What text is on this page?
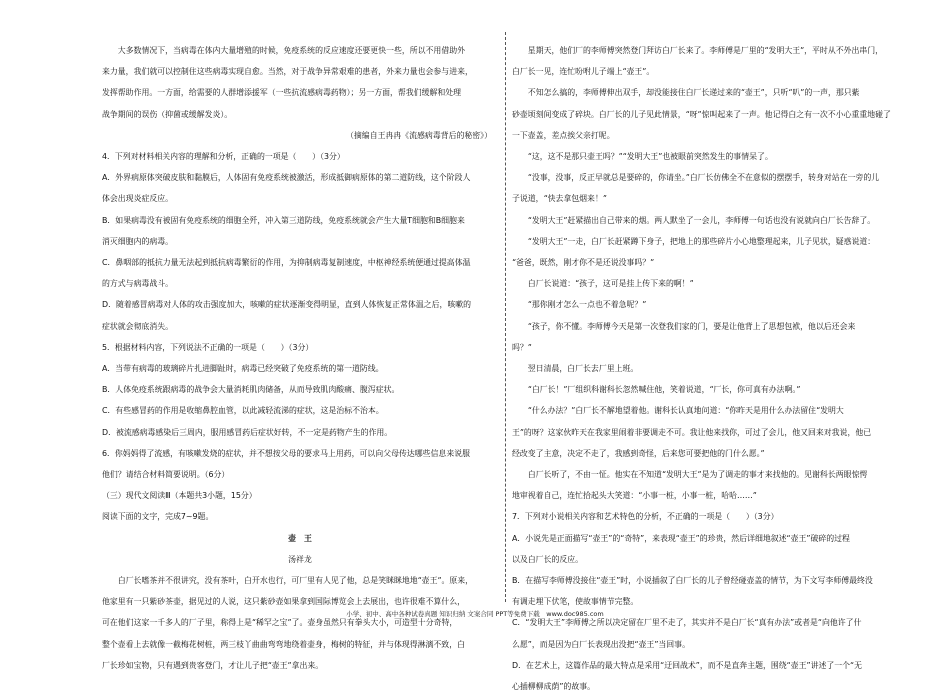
大多数情况下，当病毒在体内大量增殖的时候，免疫系统的反应速度还要更快一些，所以不用借助外

来力量，我们就可以控制住这些病毒实现自愈。当然，对于战争异常艰难的患者，外来力量也会参与进来，

发挥帮助作用。一方面，给需要的人群增添援军（一些抗流感病毒药物）；另一方面，帮我们缓解和处理

战争期间的误伤（抑菌或缓解发炎）。

（摘编自王冉冉《流感病毒背后的秘密》）

4．下列对材料相关内容的理解和分析，正确的一项是（　　）（3分）

A．外界病原体突破皮肤和黏膜后，人体固有免疫系统被激活，形成抵御病原体的第二道防线，这个阶段人

体会出现炎症反应。

B．如果病毒没有被固有免疫系统的细胞全歼，冲入第三道防线，免疫系统就会产生大量T细胞和B细胞来

消灭细胞内的病毒。

C．鼻咽部的抵抗力量无法起到抵抗病毒繁衍的作用，为抑制病毒复制速度，中枢神经系统便通过提高体温

的方式与病毒战斗。

D．随着感冒病毒对人体的攻击强度加大，咳嗽的症状逐渐变得明显，直到人体恢复正常体温之后，咳嗽的

症状就会彻底消失。

5．根据材料内容，下列说法不正确的一项是（　　）（3分）

A．当带有病毒的玻璃碎片扎进脚趾时，病毒已经突破了免疫系统的第一道防线。

B．人体免疫系统跟病毒的战争会大量消耗肌肉储备，从而导致肌肉酸痛、腹泻症状。

C．有些感冒药的作用是收缩鼻腔血管，以此减轻流涕的症状，这是治标不治本。

D．被流感病毒感染后三周内，服用感冒药后症状好转，不一定是药物产生的作用。

6．你妈妈得了流感，有咳嗽发烧的症状，并不想按父母的要求马上用药，可以向父母传达哪些信息来说服

他们？请结合材料简要说明。（6分）

（三）现代文阅读Ⅲ（本题共3小题，15分）

阅读下面的文字，完成7~9题。

壶　王

汤祥龙

白厂长嗜茶并不很讲究，没有茶叶，白开水也行，可厂里有人见了他，总是笑眯眯地地“壶王”。原来，

他家里有一只紫砂茶壶，据见过的人说，这只紫砂壶如果拿到国际博览会上去展出，也许很难不算什么，

可在他们这家一千多人的厂子里，称得上是“稀罕之宝”了。壶身虽然只有拳头大小，可造型十分奇特，

整个壶看上去就像一截梅花树桩，两三枝丫曲曲弯弯地绕着壶身，梅树的特征，并与体现得淋漓不致，白

厂长珍如宝物，只有遇到贵客登门，才让儿子把“壶王”拿出来。

星期天，他们厂的李师傅突然登门拜访白厂长来了。李师傅是厂里的“发明大王”，平时从不外出串门，

白厂长一见，连忙吩咐儿子端上“壶王”。

不知怎么搞的，李师傅伸出双手，却没能接住白厂长递过来的“壶王”，只听“叭”的一声，那只紫

砂壶顷刻间变成了碎块。白厂长的儿子见此情景，“呀”惊叫起来了一声。他记得白之有一次不小心重重地碰了

一下壶盖，差点挨父亲打呢。

“这，这不是那只壶王吗？”“发明大王”也被眼前突然发生的事情呆了。

“没事，没事，反正早就总是要碎的，你请坐。”白厂长仿佛全不在意似的摆摆手，转身对站在一旁的儿

子说道，“快去拿包烟来！”

“发明大王”赶紧描出自己带来的烟。两人默坐了一会儿，李师傅一句话也没有说就向白厂长告辞了。

“发明大王”一走，白厂长赶紧蹲下身子，把地上的那些碎片小心地整理起来，儿子见状，疑惑说道：

“爸爸，既然，刚才你不是还说没事吗？”

白厂长说道：“孩子，这可是挂上传下来的啊！”

“那你刚才怎么一点也不着急呢？”

“孩子，你不懂。李师傅今天是第一次登我们家的门，要是让他背上了思想包袱，他以后还会来

吗？”

翌日清晨，白厂长去厂里上班。

“白厂长！”厂组织科谢科长忽然喊住他，笑着说道，“厂长，你可真有办法啊。”

“什么办法？”白厂长不解地望着他。谢科长认真地问道：“你昨天是用什么办法留住“发明大

王”的呀？这家伙昨天在我家里闹着非要调走不可。我让他来找你，可过了会儿，他又回来对我说，他已

经改变了主意，决定不走了，我感到奇怪，后来您可要把他的门什么愿。”

白厂长听了，不由一怔。他实在不知道“发明大王”是为了调走的事才来找他的。见谢科长两眼惊愕

地审视着自己，连忙拾起头大笑道：“小事一桩，小事一桩，哈哈……”

7．下列对小说相关内容和艺术特色的分析，不正确的一项是（　　）（3分）

A．小说先是正面描写“壶王”的“奇特”，来表现“壶王”的珍贵，然后详细地叙述“壶王”破碎的过程

以及白厂长的反应。

B．在描写李师傅没接住“壶王”时，小说插叙了白厂长的儿子曾经碰壶盖的情节，为下文写李师傅最终没

有调走埋下伏笔，使故事情节完整。

C．“发明大王”李师傅之所以决定留在厂里不走了，其实并不是白厂长“真有办法”或者是“向他许了什

么愿”，而是因为白厂长表现出没把“壶王”当回事。

D．在艺术上，这篇作品的最大特点是采用“迂回战术”，而不是直奔主题，围绕“壶王”讲述了一个“无

心插柳柳成荫”的故事。

小学、初中、高中各种试卷真题 知识归纳 文案合同 PPT等免费下载　www.doc985.com
